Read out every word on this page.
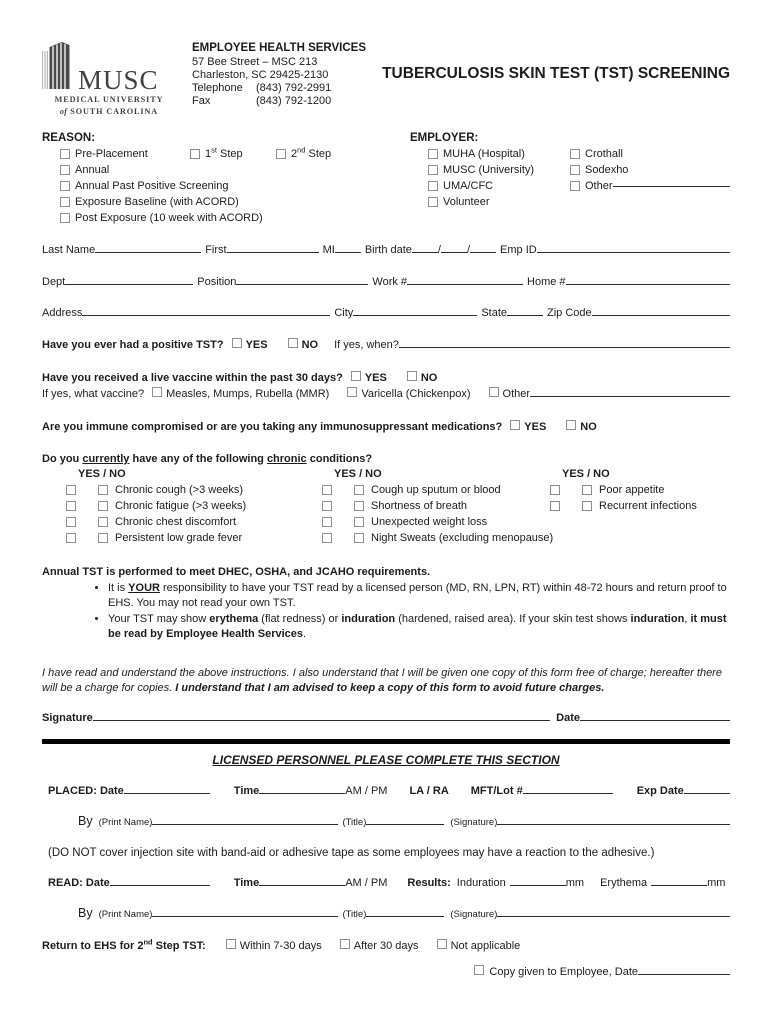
MUSC
MEDICAL UNIVERSITY
of SOUTH CAROLINA
EMPLOYEE HEALTH SERVICES
57 Bee Street – MSC 213
Charleston, SC 29425-2130
Telephone	(843) 792-2991
Fax	(843) 792-1200
TUBERCULOSIS SKIN TEST (TST) SCREENING
REASON:
Pre-Placement	1st Step	2nd Step
Annual
Annual Past Positive Screening
Exposure Baseline (with ACORD)
Post Exposure (10 week with ACORD)
EMPLOYER:
MUHA (Hospital)
MUSC (University)
UMA/CFC
Volunteer
Crothall
Sodexho
Other
Last Name	First	MI	Birth date / /	Emp ID
Dept	Position	Work #	Home #
Address	City	State	Zip Code
Have you ever had a positive TST? YES	NO If yes, when?
Have you received a live vaccine within the past 30 days? YES	NO
If yes, what vaccine? Measles, Mumps, Rubella (MMR)	Varicella (Chickenpox)	Other
Are you immune compromised or are you taking any immunosuppressant medications? YES	NO
Do you currently have any of the following chronic conditions?
YES / NO
Chronic cough (>3 weeks)
Chronic fatigue (>3 weeks)
Chronic chest discomfort
Persistent low grade fever
YES / NO
Cough up sputum or blood
Shortness of breath
Unexpected weight loss
Night Sweats (excluding menopause)
YES / NO
Poor appetite
Recurrent infections
Annual TST is performed to meet DHEC, OSHA, and JCAHO requirements.
• It is YOUR responsibility to have your TST read by a licensed person (MD, RN, LPN, RT) within 48-72 hours and return proof to EHS. You may not read your own TST.
• Your TST may show erythema (flat redness) or induration (hardened, raised area). If your skin test shows induration, it must be read by Employee Health Services.
I have read and understand the above instructions. I also understand that I will be given one copy of this form free of charge; hereafter there will be a charge for copies. I understand that I am advised to keep a copy of this form to avoid future charges.
Signature	Date
LICENSED PERSONNEL PLEASE COMPLETE THIS SECTION
PLACED: Date	Time	AM / PM LA / RA MFT/Lot #	Exp Date
By (Print Name)	(Title)	(Signature)
(DO NOT cover injection site with band-aid or adhesive tape as some employees may have a reaction to the adhesive.)
READ: Date	Time	AM / PM Results: Induration	mm Erythema	mm
By (Print Name)	(Title)	(Signature)
Return to EHS for 2nd Step TST:	Within 7-30 days	After 30 days	Not applicable
Copy given to Employee, Date
